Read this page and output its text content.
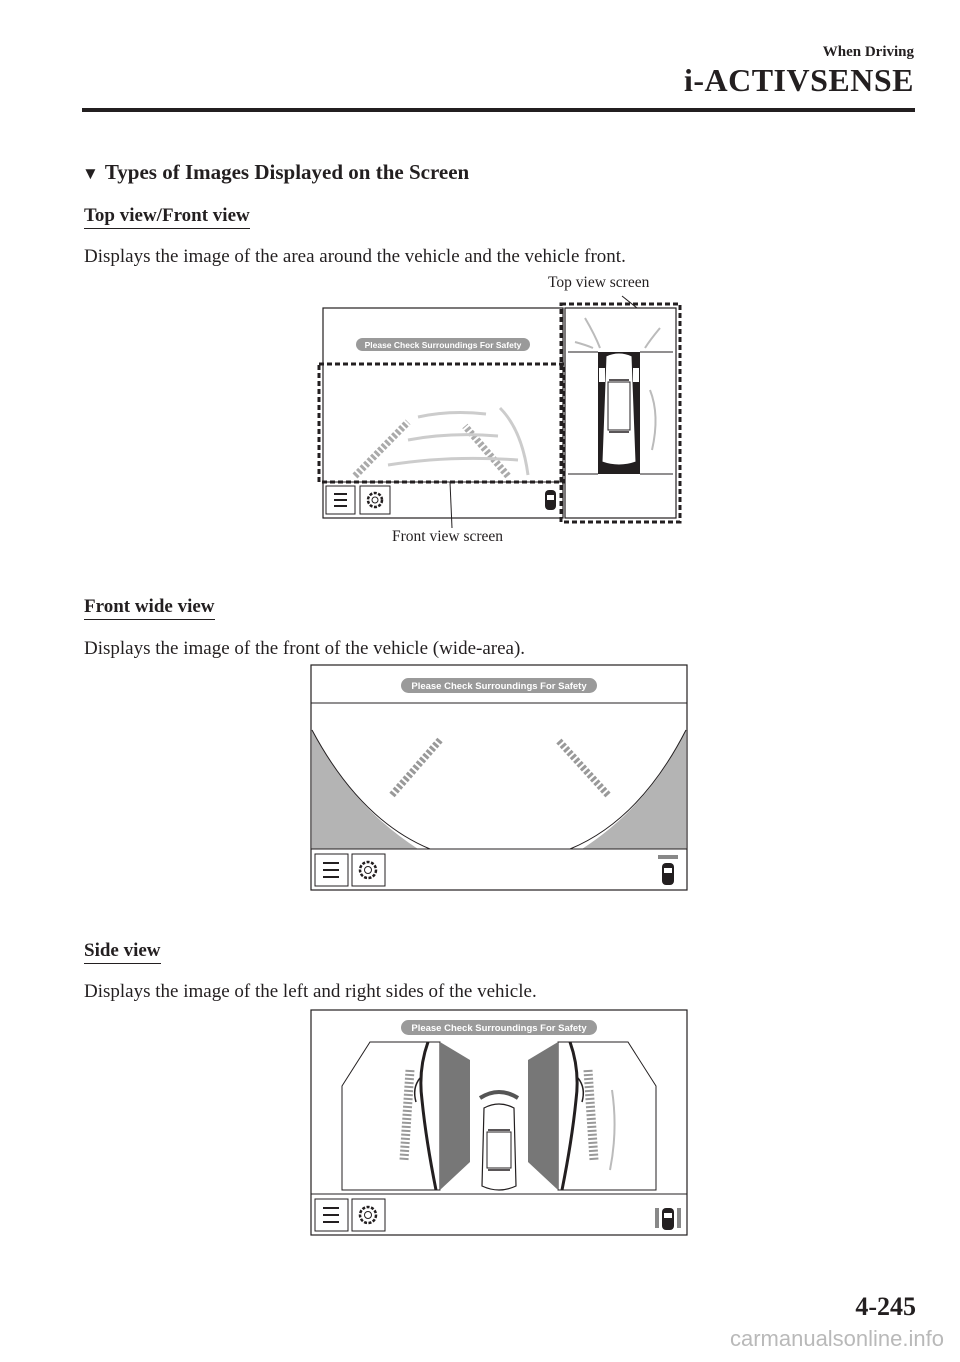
When Driving
i-ACTIVSENSE
▼ Types of Images Displayed on the Screen
Top view/Front view
Displays the image of the area around the vehicle and the vehicle front.
Top view screen
Front view screen
Please Check Surroundings For Safety
Front wide view
Displays the image of the front of the vehicle (wide-area).
Please Check Surroundings For Safety
Side view
Displays the image of the left and right sides of the vehicle.
Please Check Surroundings For Safety
4-245
carmanualsonline.info
